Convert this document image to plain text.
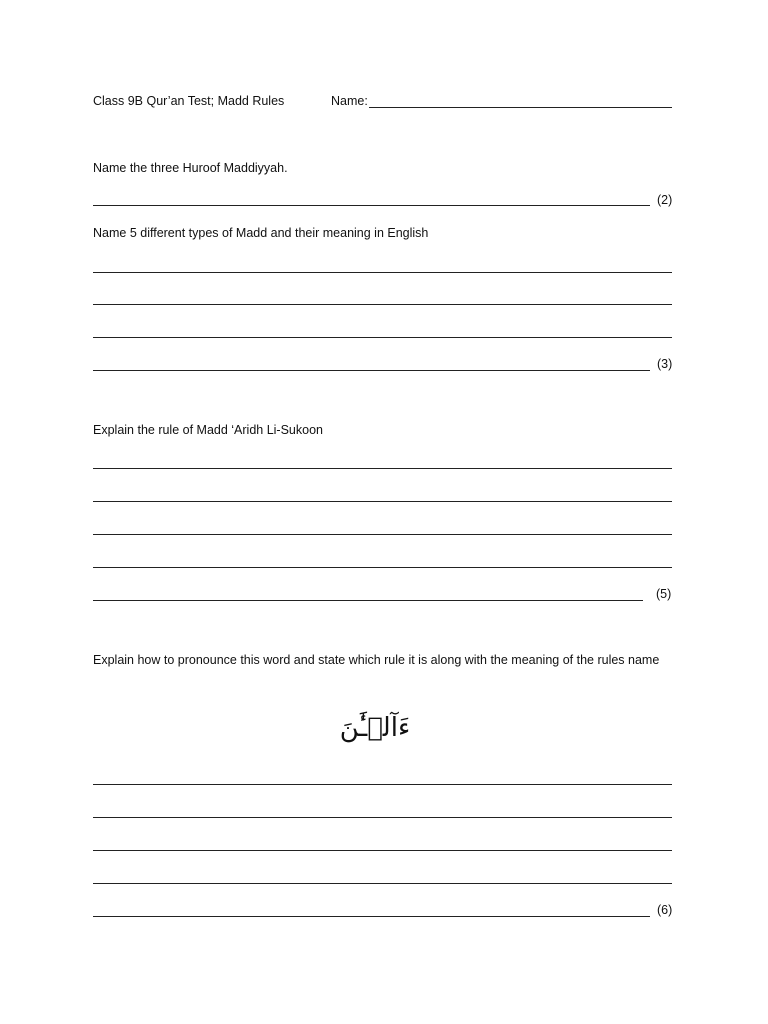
Class 9B Qur’an Test; Madd Rules	Name:
Name the three Huroof Maddiyyah.
(2)
Name 5 different types of Madd and their meaning in English
(3)
Explain the rule of Madd ‘Aridh Li-Sukoon
(5)
Explain how to pronounce this word and state which rule it is along with the meaning of the rules name
ءَآلۡـَٰٔنَ
(6)
